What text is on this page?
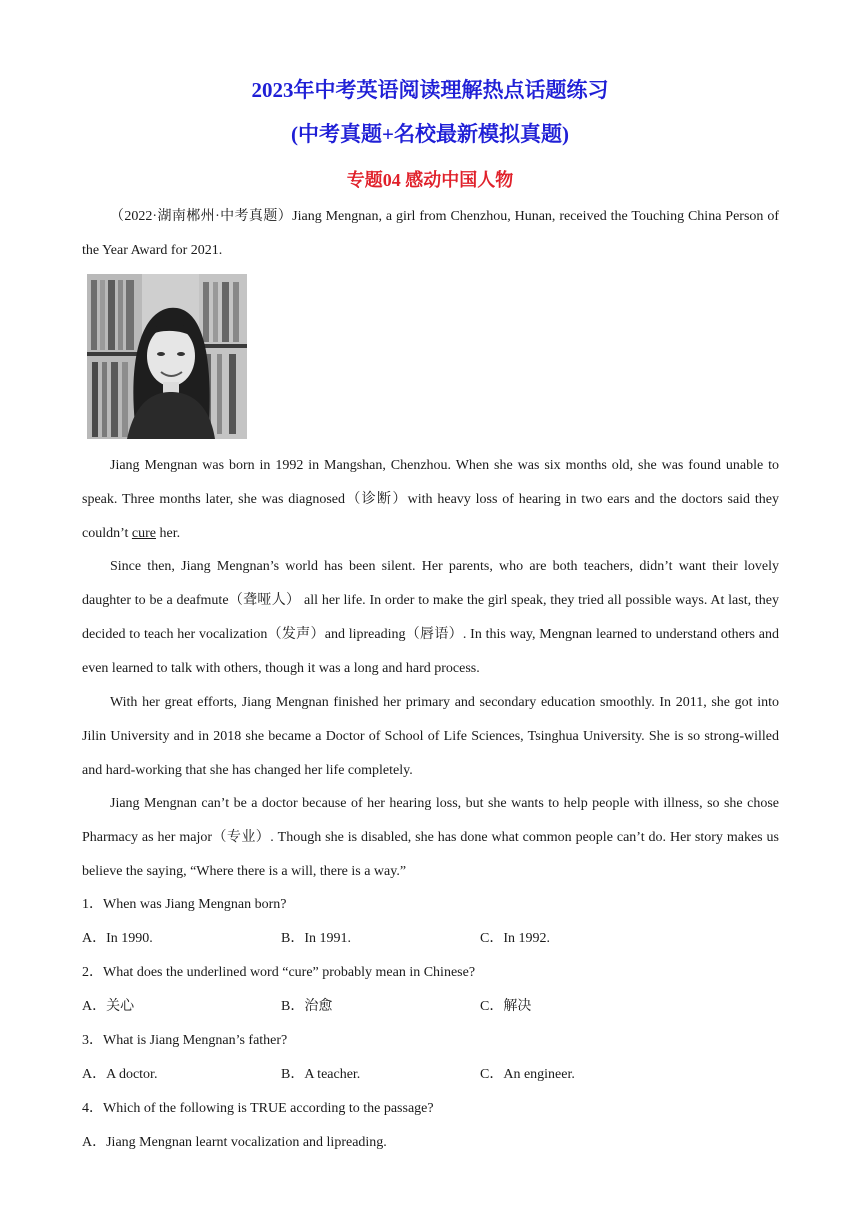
2023年中考英语阅读理解热点话题练习
(中考真题+名校最新模拟真题)
专题04 感动中国人物
（2022·湖南郴州·中考真题）Jiang Mengnan, a girl from Chenzhou, Hunan, received the Touching China Person of the Year Award for 2021.
Jiang Mengnan was born in 1992 in Mangshan, Chenzhou. When she was six months old, she was found unable to speak. Three months later, she was diagnosed（诊断）with heavy loss of hearing in two ears and the doctors said they couldn’t cure her.
Since then, Jiang Mengnan’s world has been silent. Her parents, who are both teachers, didn’t want their lovely daughter to be a deafmute（聋哑人） all her life. In order to make the girl speak, they tried all possible ways. At last, they decided to teach her vocalization（发声）and lipreading（唇语）. In this way, Mengnan learned to understand others and even learned to talk with others, though it was a long and hard process.
With her great efforts, Jiang Mengnan finished her primary and secondary education smoothly. In 2011, she got into Jilin University and in 2018 she became a Doctor of School of Life Sciences, Tsinghua University. She is so strong-willed and hard-working that she has changed her life completely.
Jiang Mengnan can’t be a doctor because of her hearing loss, but she wants to help people with illness, so she chose Pharmacy as her major（专业）. Though she is disabled, she has done what common people can’t do. Her story makes us believe the saying, “Where there is a will, there is a way.”
1．When was Jiang Mengnan born?
A．In 1990.	B．In 1991.	C．In 1992.
2．What does the underlined word “cure” probably mean in Chinese?
A．关心	B．治愈	C．解决
3．What is Jiang Mengnan’s father?
A．A doctor.	B．A teacher.	C．An engineer.
4．Which of the following is TRUE according to the passage?
A．Jiang Mengnan learnt vocalization and lipreading.
